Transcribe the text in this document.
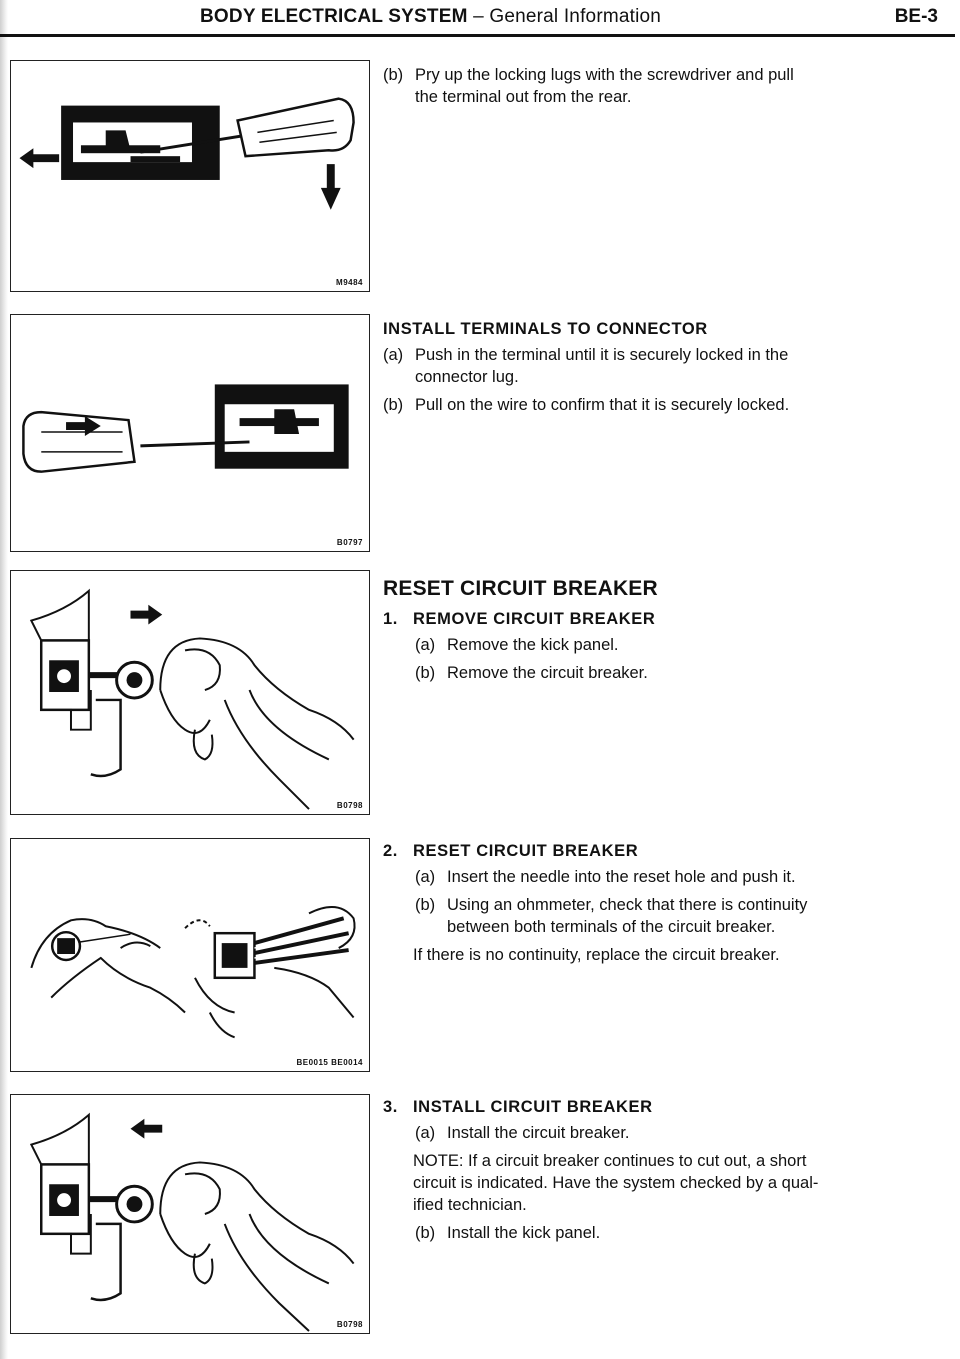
BODY ELECTRICAL SYSTEM – General Information	BE-3
M9484
B0797
B0798
BE0015 BE0014
B0798

(b) Pry up the locking lugs with the screwdriver and pull

the terminal out from the rear.

INSTALL TERMINALS TO CONNECTOR

(a) Push in the terminal until it is securely locked in the

connector lug.

(b) Pull on the wire to confirm that it is securely locked.

RESET CIRCUIT BREAKER

1. REMOVE CIRCUIT BREAKER

(a) Remove the kick panel.

(b) Remove the circuit breaker.

2. RESET CIRCUIT BREAKER

(a) Insert the needle into the reset hole and push it.

(b) Using an ohmmeter, check that there is continuity

between both terminals of the circuit breaker.

If there is no continuity, replace the circuit breaker.

3. INSTALL CIRCUIT BREAKER

(a) Install the circuit breaker.

NOTE: If a circuit breaker continues to cut out, a short

circuit is indicated. Have the system checked by a qual-

ified technician.

(b) Install the kick panel.
